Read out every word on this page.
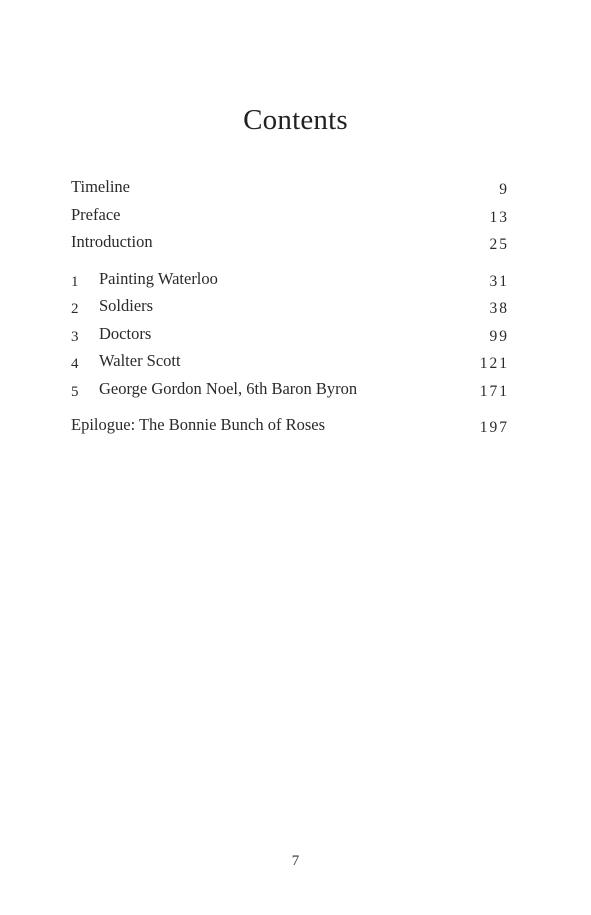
Contents
Timeline	9
Preface	13
Introduction	25
1 Painting Waterloo	31
2 Soldiers	38
3 Doctors	99
4 Walter Scott	121
5 George Gordon Noel, 6th Baron Byron	171
Epilogue: The Bonnie Bunch of Roses	197
7
